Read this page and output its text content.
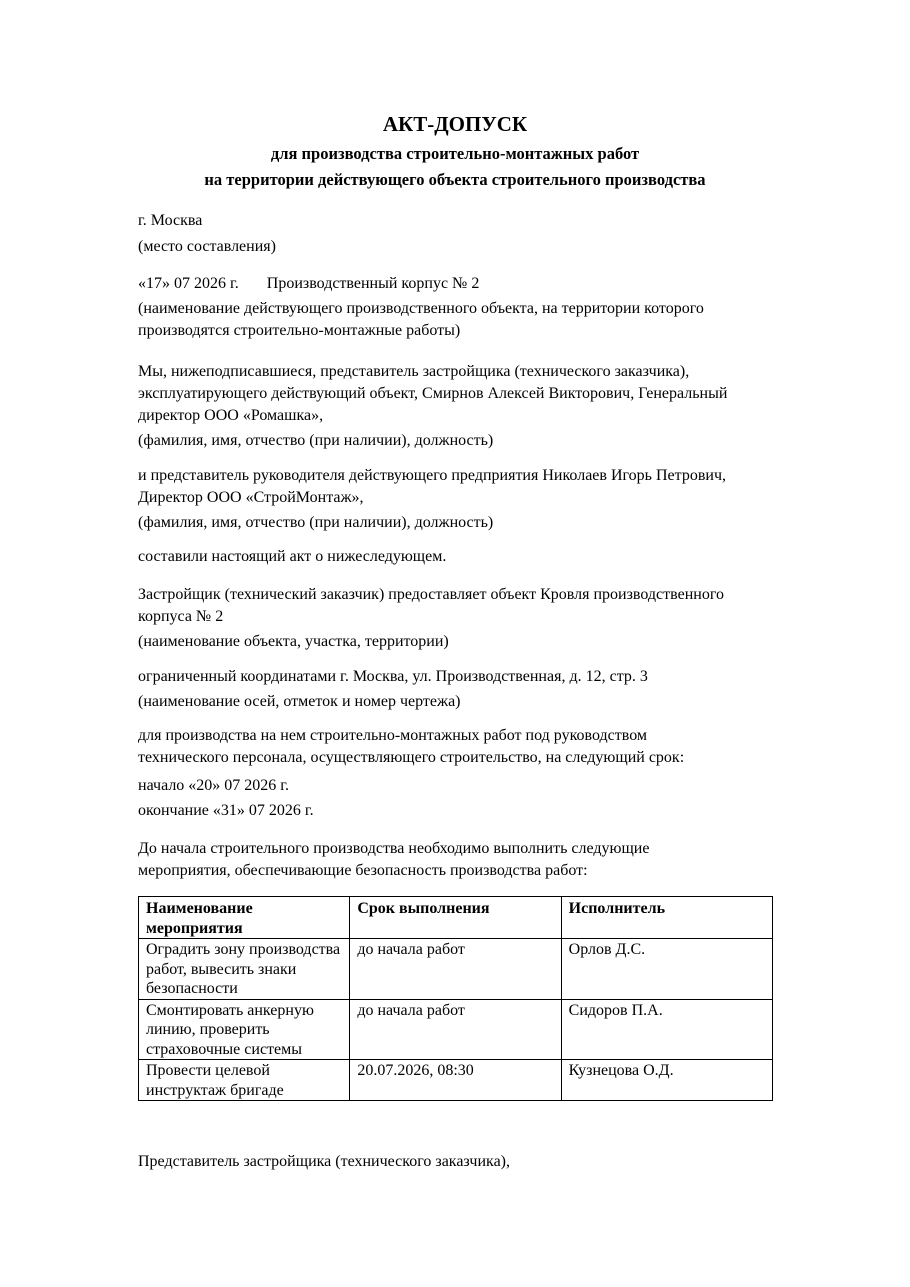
АКТ-ДОПУСК
для производства строительно-монтажных работ
на территории действующего объекта строительного производства
г. Москва
(место составления)
«17» 07 2026 г. Производственный корпус № 2
(наименование действующего производственного объекта, на территории которого
производятся строительно-монтажные работы)
Мы, нижеподписавшиеся, представитель застройщика (технического заказчика),
эксплуатирующего действующий объект, Смирнов Алексей Викторович, Генеральный
директор ООО «Ромашка»,
(фамилия, имя, отчество (при наличии), должность)
и представитель руководителя действующего предприятия Николаев Игорь Петрович,
Директор ООО «СтройМонтаж»,
(фамилия, имя, отчество (при наличии), должность)
составили настоящий акт о нижеследующем.
Застройщик (технический заказчик) предоставляет объект Кровля производственного
корпуса № 2
(наименование объекта, участка, территории)
ограниченный координатами г. Москва, ул. Производственная, д. 12, стр. 3
(наименование осей, отметок и номер чертежа)
для производства на нем строительно-монтажных работ под руководством
технического персонала, осуществляющего строительство, на следующий срок:
начало «20» 07 2026 г.
окончание «31» 07 2026 г.
До начала строительного производства необходимо выполнить следующие
мероприятия, обеспечивающие безопасность производства работ:
Наименование мероприятия	Срок выполнения	Исполнитель
Оградить зону производства работ, вывесить знаки безопасности	до начала работ	Орлов Д.С.
Смонтировать анкерную линию, проверить страховочные системы	до начала работ	Сидоров П.А.
Провести целевой инструктаж бригаде	20.07.2026, 08:30	Кузнецова О.Д.
Представитель застройщика (технического заказчика),
